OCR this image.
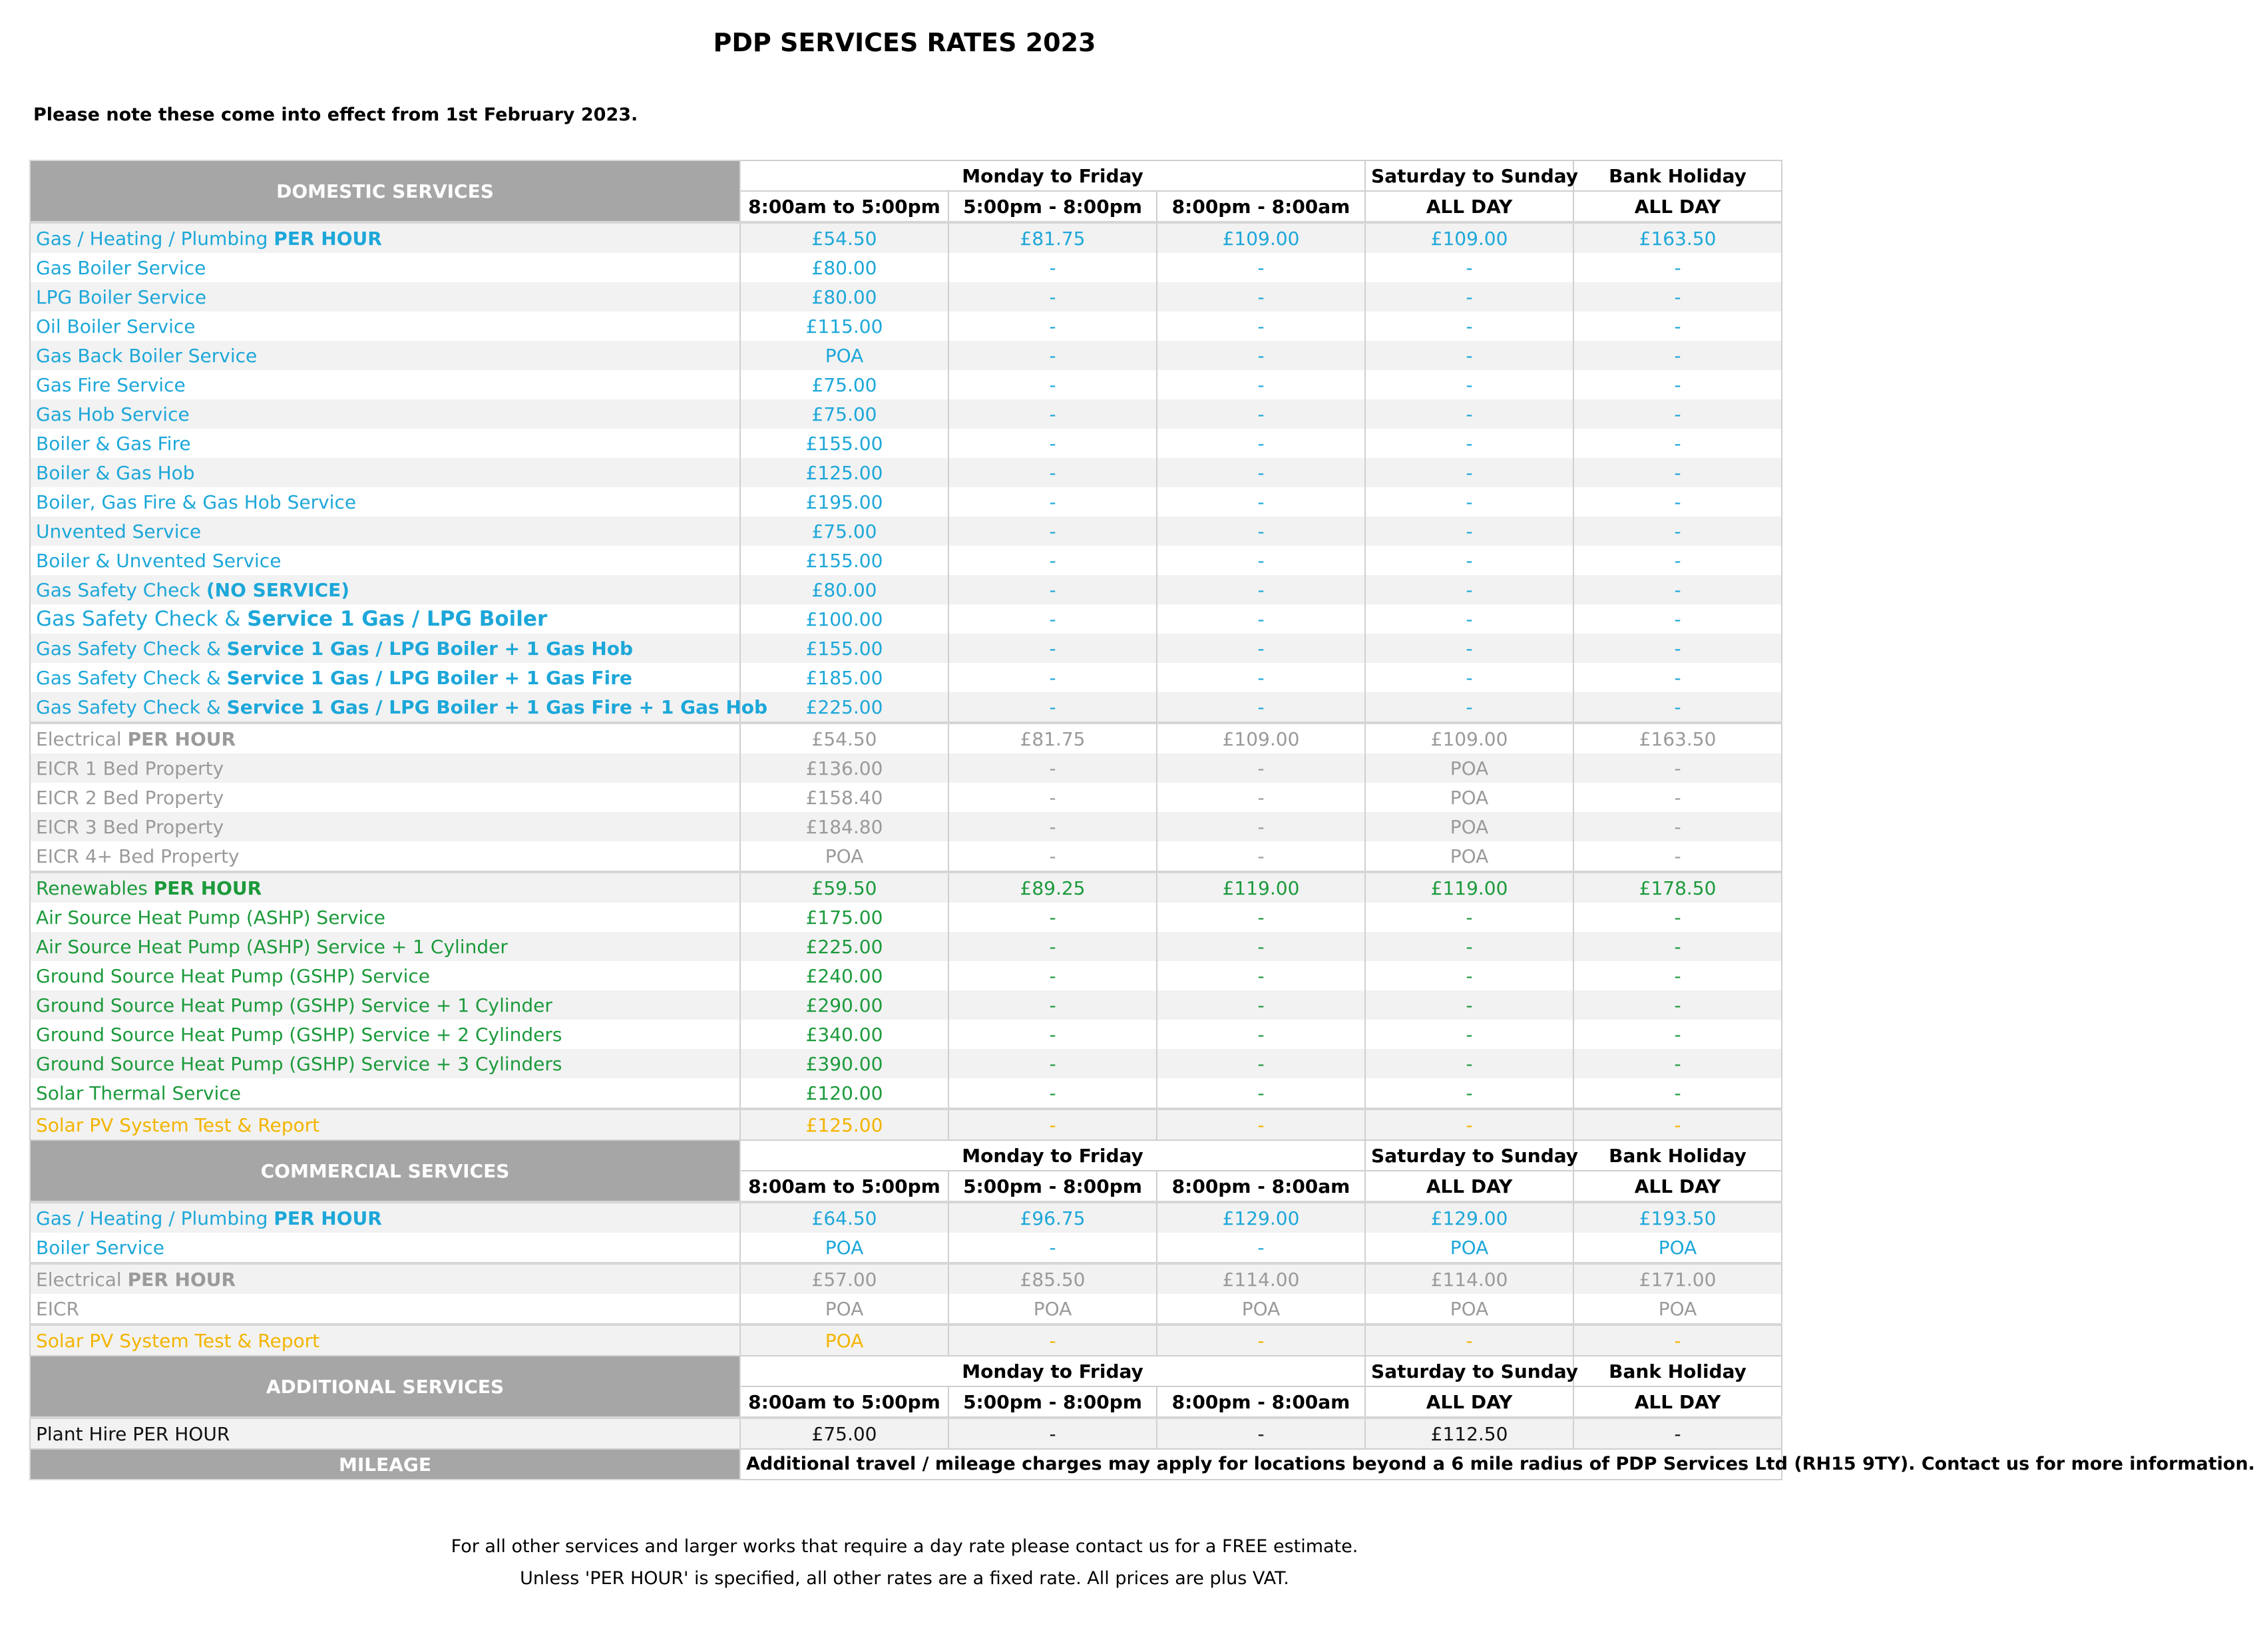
PDP SERVICES RATES 2023
Please note these come into effect from 1st February 2023.
DOMESTIC SERVICES	Monday to Friday			Saturday to Sunday	Bank Holiday
	8:00am to 5:00pm	5:00pm - 8:00pm	8:00pm - 8:00am	ALL DAY	ALL DAY
Gas / Heating / Plumbing PER HOUR	£54.50	£81.75	£109.00	£109.00	£163.50
Gas Boiler Service	£80.00	-	-	-	-
LPG Boiler Service	£80.00	-	-	-	-
Oil Boiler Service	£115.00	-	-	-	-
Gas Back Boiler Service	POA	-	-	-	-
Gas Fire Service	£75.00	-	-	-	-
Gas Hob Service	£75.00	-	-	-	-
Boiler & Gas Fire	£155.00	-	-	-	-
Boiler & Gas Hob	£125.00	-	-	-	-
Boiler, Gas Fire & Gas Hob Service	£195.00	-	-	-	-
Unvented Service	£75.00	-	-	-	-
Boiler & Unvented Service	£155.00	-	-	-	-
Gas Safety Check (NO SERVICE)	£80.00	-	-	-	-
Gas Safety Check & Service 1 Gas / LPG Boiler	£100.00	-	-	-	-
Gas Safety Check & Service 1 Gas / LPG Boiler + 1 Gas Hob	£155.00	-	-	-	-
Gas Safety Check & Service 1 Gas / LPG Boiler + 1 Gas Fire	£185.00	-	-	-	-
Gas Safety Check & Service 1 Gas / LPG Boiler + 1 Gas Fire + 1 Gas Hob	£225.00	-	-	-	-
Electrical PER HOUR	£54.50	£81.75	£109.00	£109.00	£163.50
EICR 1 Bed Property	£136.00	-	-	POA	-
EICR 2 Bed Property	£158.40	-	-	POA	-
EICR 3 Bed Property	£184.80	-	-	POA	-
EICR 4+ Bed Property	POA	-	-	POA	-
Renewables PER HOUR	£59.50	£89.25	£119.00	£119.00	£178.50
Air Source Heat Pump (ASHP) Service	£175.00	-	-	-	-
Air Source Heat Pump (ASHP) Service + 1 Cylinder	£225.00	-	-	-	-
Ground Source Heat Pump (GSHP) Service	£240.00	-	-	-	-
Ground Source Heat Pump (GSHP) Service + 1 Cylinder	£290.00	-	-	-	-
Ground Source Heat Pump (GSHP) Service + 2 Cylinders	£340.00	-	-	-	-
Ground Source Heat Pump (GSHP) Service + 3 Cylinders	£390.00	-	-	-	-
Solar Thermal Service	£120.00	-	-	-	-
Solar PV System Test & Report	£125.00	-	-	-	-
COMMERCIAL SERVICES	Monday to Friday			Saturday to Sunday	Bank Holiday
	8:00am to 5:00pm	5:00pm - 8:00pm	8:00pm - 8:00am	ALL DAY	ALL DAY
Gas / Heating / Plumbing PER HOUR	£64.50	£96.75	£129.00	£129.00	£193.50
Boiler Service	POA	-	-	POA	POA
Electrical PER HOUR	£57.00	£85.50	£114.00	£114.00	£171.00
EICR	POA	POA	POA	POA	POA
Solar PV System Test & Report	POA	-	-	-	-
ADDITIONAL SERVICES	Monday to Friday			Saturday to Sunday	Bank Holiday
	8:00am to 5:00pm	5:00pm - 8:00pm	8:00pm - 8:00am	ALL DAY	ALL DAY
Plant Hire PER HOUR	£75.00	-	-	£112.50	-
MILEAGE	Additional travel / mileage charges may apply for locations beyond a 6 mile radius of PDP Services Ltd (RH15 9TY). Contact us for more information.				
For all other services and larger works that require a day rate please contact us for a FREE estimate.
Unless 'PER HOUR' is specified, all other rates are a fixed rate. All prices are plus VAT.
